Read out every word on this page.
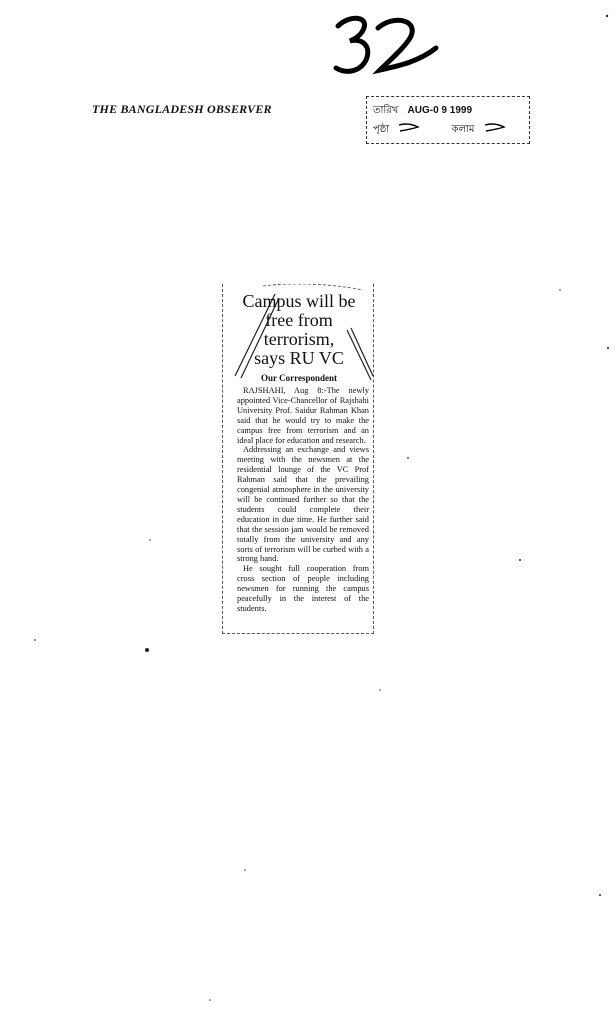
THE BANGLADESH OBSERVER	তারিখ AUG-0 9 1999
পৃষ্ঠা	কলাম
Campus will be
free from
terrorism,
says RU VC
Our Correspondent

RAJSHAHI, Aug 8:-The newly appointed Vice-Chancellor of Rajshahi University Prof. Saidur Rahman Khan said that he would try to make the campus free from terrorism and an ideal place for education and research.

Addressing an exchange and views meeting with the newsmen at the residential lounge of the VC Prof Rahman said that the prevailing congenial atmosphere in the university will be continued further so that the students could complete their education in due time. He further said that the session jam would be removed totally from the university and any sorts of terrorism will be curbed with a strong hand.

He sought full cooperation from cross section of people including newsmen for running the campus peacefully in the interest of the students.
